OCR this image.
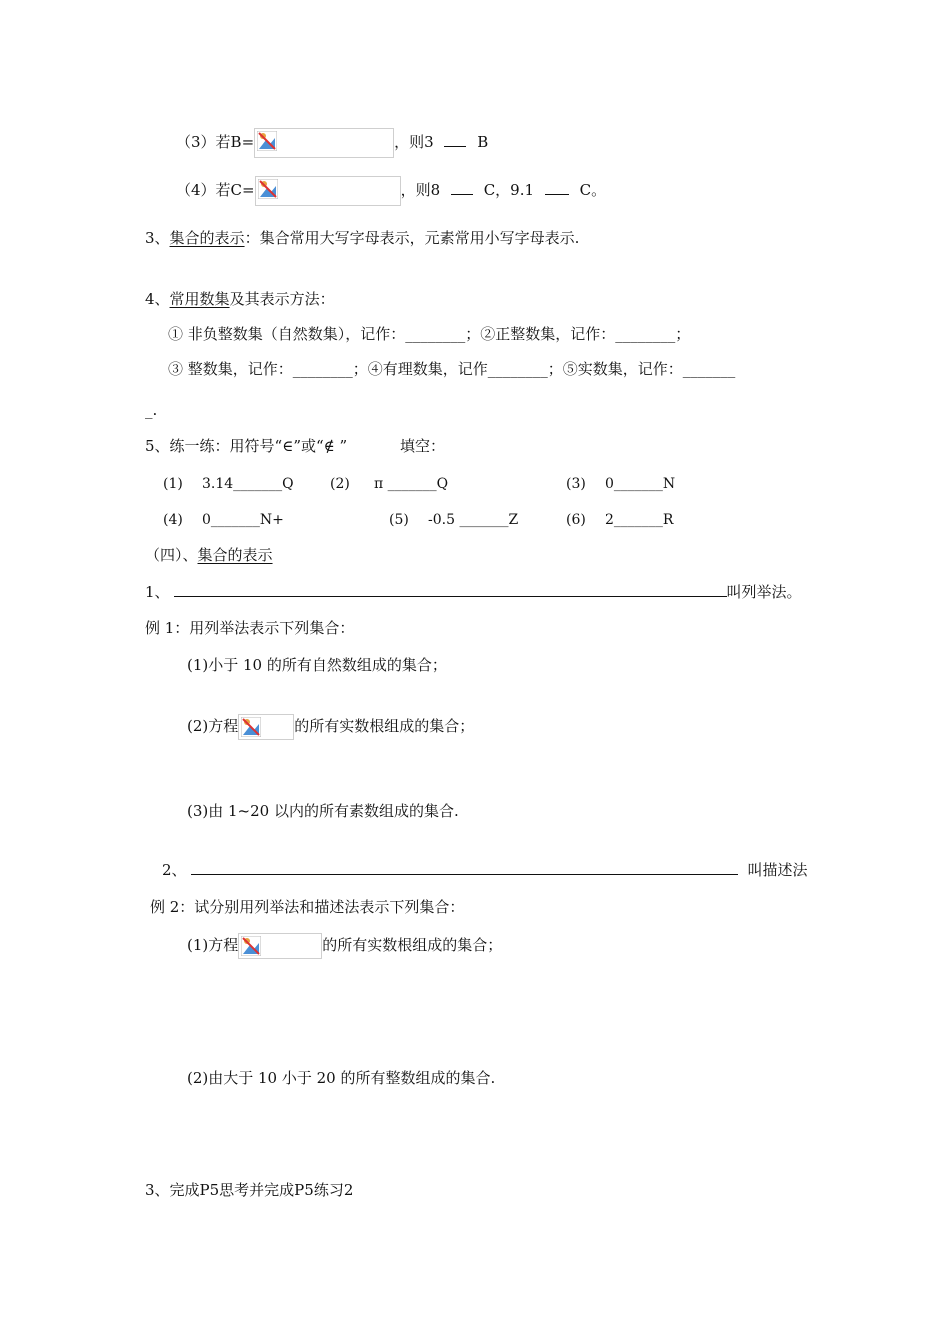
（3）若B=	，则3	B
（4）若C=	，则8	C，9.1	C。
3、集合的表示：集合常用大写字母表示，元素常用小写字母表示.
4、常用数集及其表示方法：
① 非负整数集（自然数集），记作：________；②正整数集，记作：________；
③ 整数集，记作：________；④有理数集，记作________；⑤实数集，记作：_______
_.
5、练一练：用符号“∈”或“∉ ”	填空：
(1) 3.14_______Q	(2) π _______Q	(3) 0_______N
(4) 0_______N+	(5) -0.5 _______Z	(6) 2_______R
（四）、集合的表示
1、	叫列举法。
例 1：用列举法表示下列集合：
(1)小于 10 的所有自然数组成的集合；
(2)方程	的所有实数根组成的集合；
(3)由 1~20 以内的所有素数组成的集合.
2、	叫描述法
例 2：试分别用列举法和描述法表示下列集合：
(1)方程	的所有实数根组成的集合；
(2)由大于 10 小于 20 的所有整数组成的集合.
3、完成P5思考并完成P5练习2
